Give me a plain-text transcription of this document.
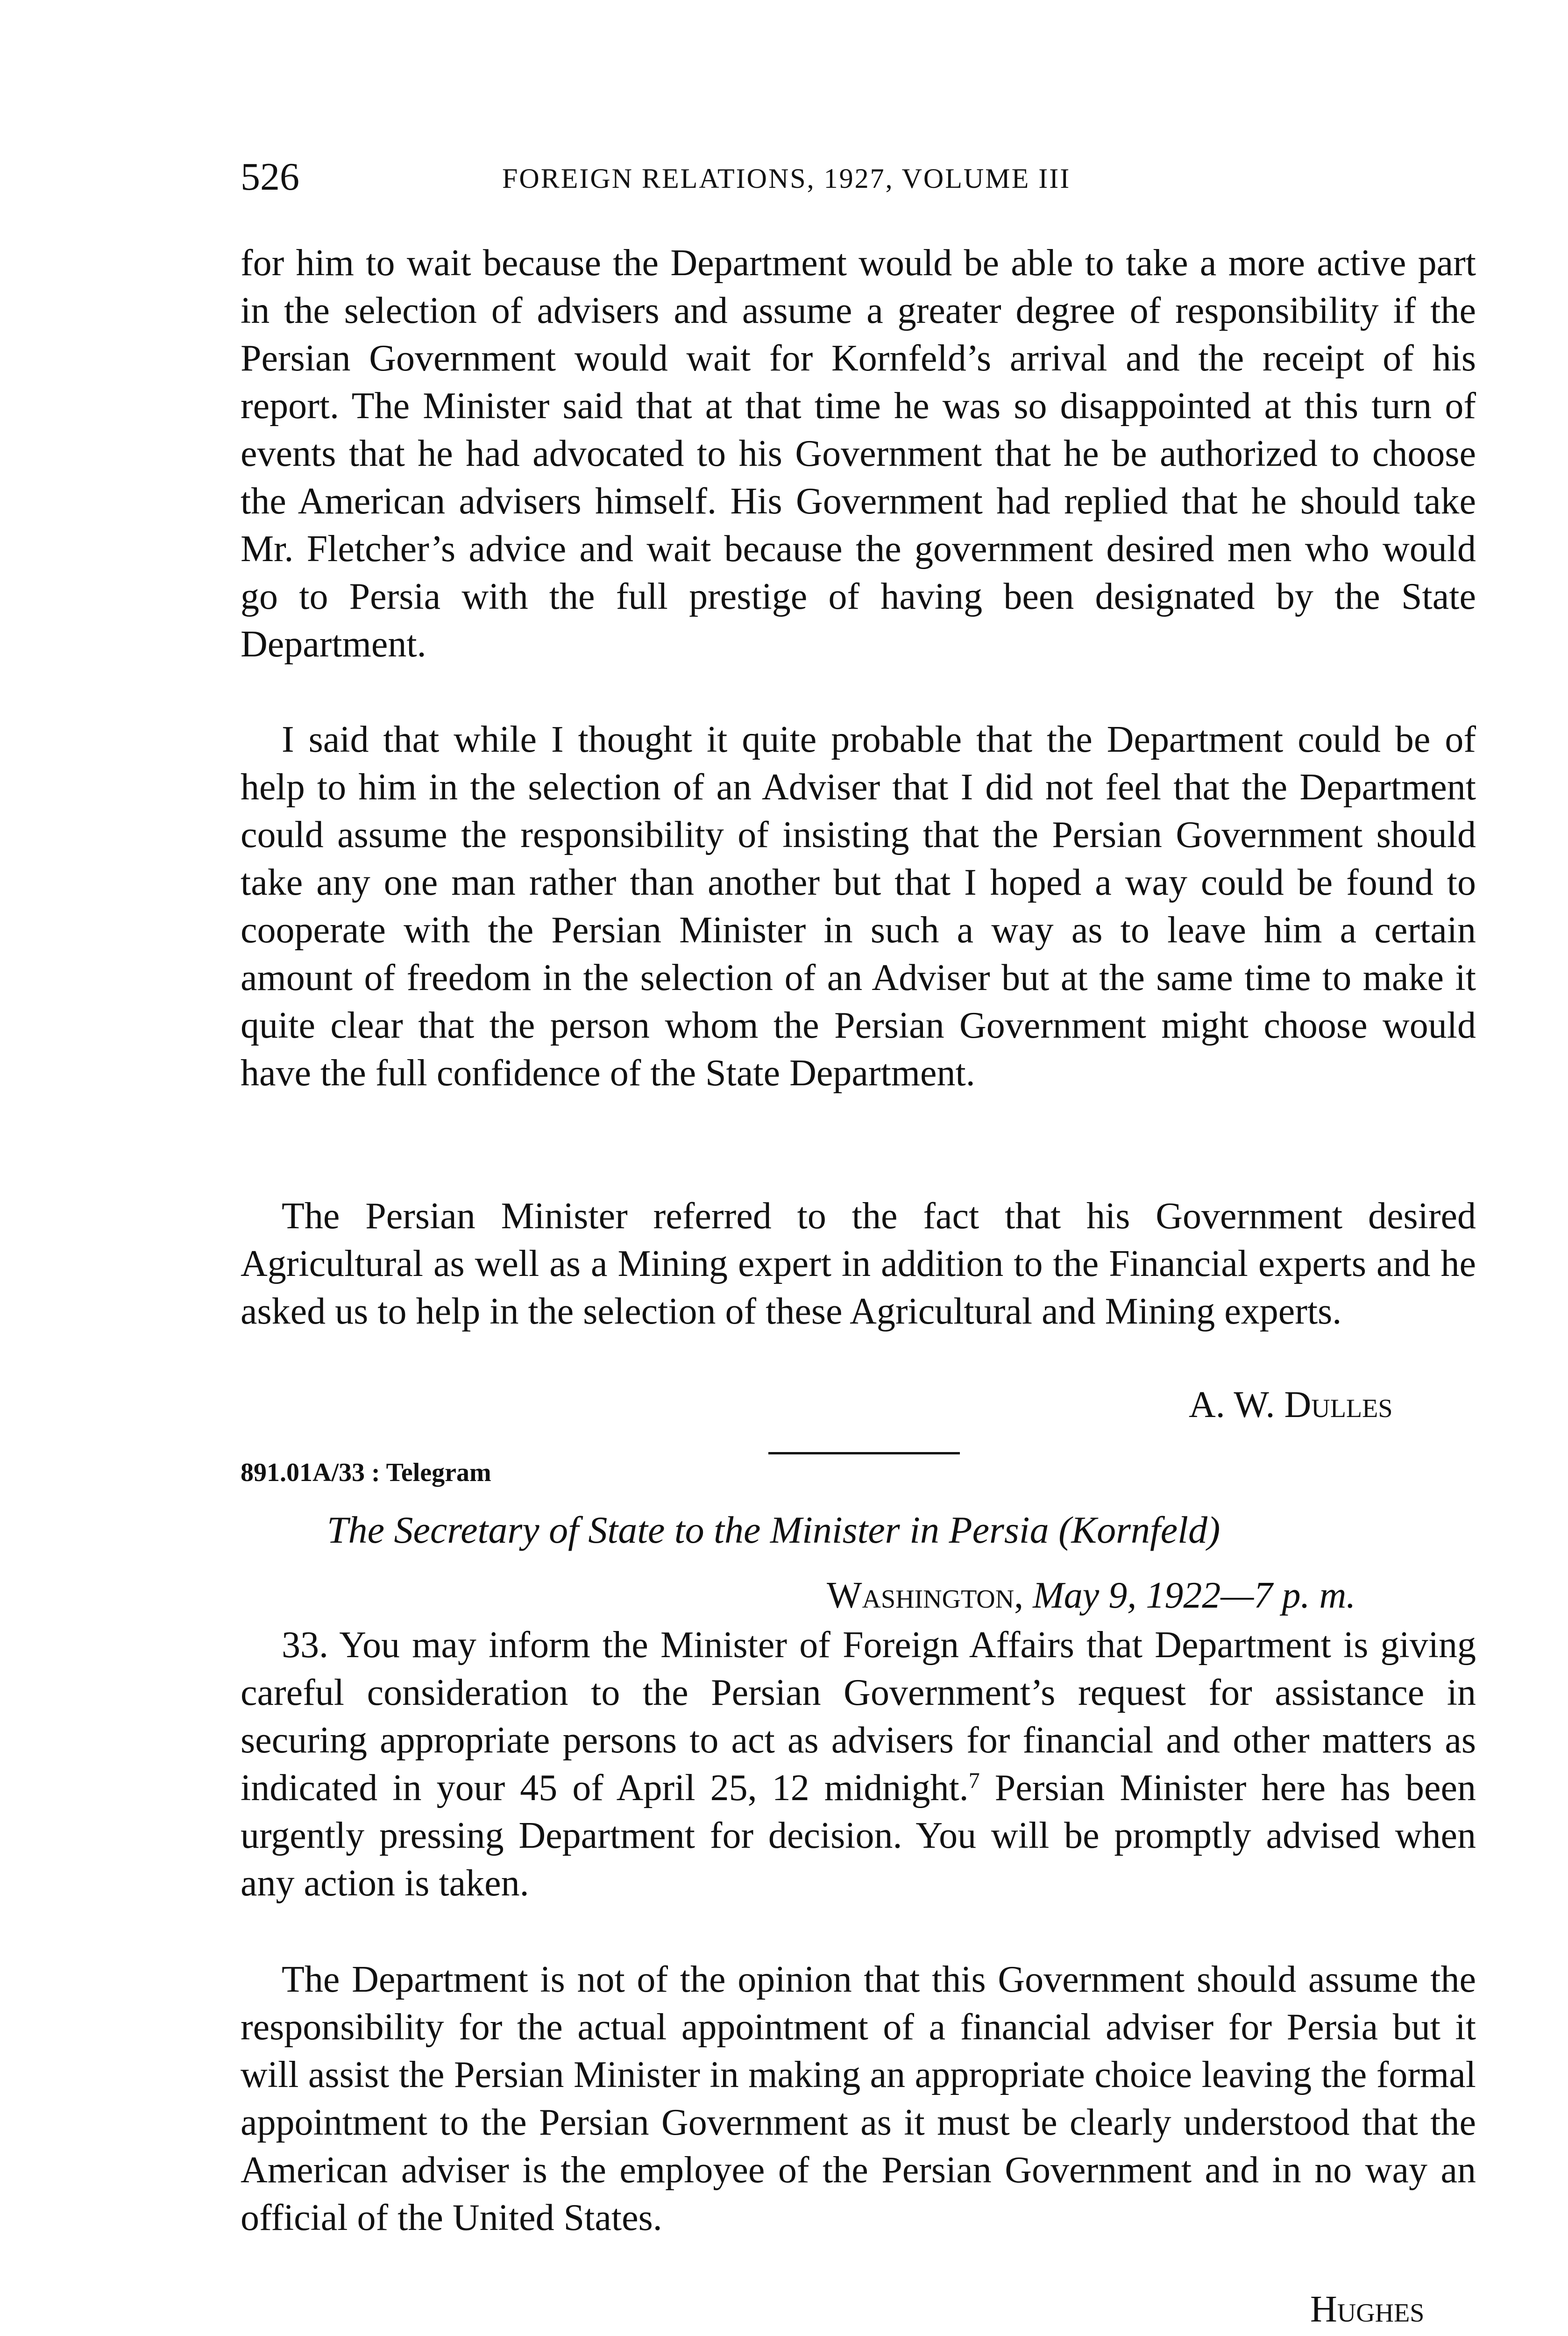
526	FOREIGN RELATIONS, 1927, VOLUME III

for him to wait because the Department would be able to take a more active part in the selection of advisers and assume a greater degree of responsibility if the Persian Government would wait for Kornfeld’s arrival and the receipt of his report. The Minister said that at that time he was so disappointed at this turn of events that he had advocated to his Government that he be authorized to choose the American advisers himself. His Government had replied that he should take Mr. Fletcher’s advice and wait because the government desired men who would go to Persia with the full prestige of having been designated by the State Department.

I said that while I thought it quite probable that the Department could be of help to him in the selection of an Adviser that I did not feel that the Department could assume the responsibility of insisting that the Persian Government should take any one man rather than another but that I hoped a way could be found to cooperate with the Persian Minister in such a way as to leave him a certain amount of freedom in the selection of an Adviser but at the same time to make it quite clear that the person whom the Persian Government might choose would have the full confidence of the State Department.

The Persian Minister referred to the fact that his Government desired Agricultural as well as a Mining expert in addition to the Financial experts and he asked us to help in the selection of these Agricultural and Mining experts.

A. W. Dulles
891.01A/33 : Telegram
The Secretary of State to the Minister in Persia (Kornfeld)
Washington, May 9, 1922—7 p. m.

33. You may inform the Minister of Foreign Affairs that Department is giving careful consideration to the Persian Government’s request for assistance in securing appropriate persons to act as advisers for financial and other matters as indicated in your 45 of April 25, 12 midnight.$^7$ Persian Minister here has been urgently pressing Department for decision. You will be promptly advised when any action is taken.

The Department is not of the opinion that this Government should assume the responsibility for the actual appointment of a financial adviser for Persia but it will assist the Persian Minister in making an appropriate choice leaving the formal appointment to the Persian Government as it must be clearly understood that the American adviser is the employee of the Persian Government and in no way an official of the United States.

Hughes
